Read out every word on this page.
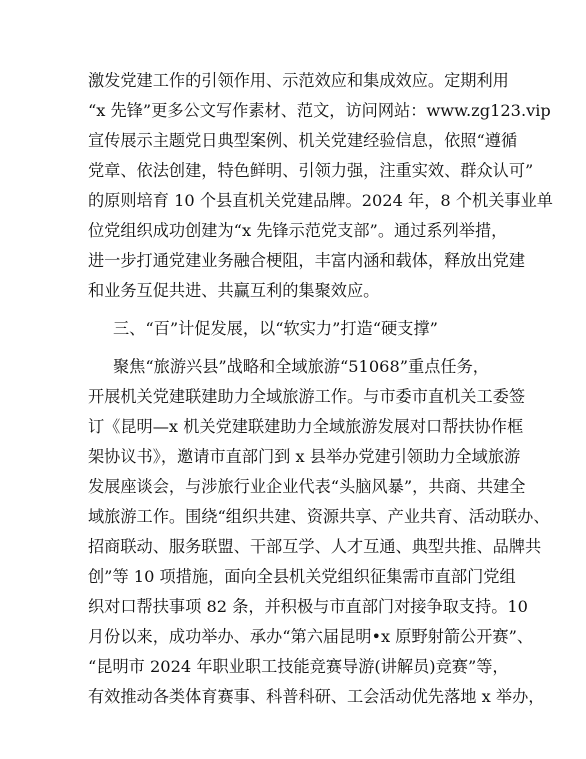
激发党建工作的引领作用、示范效应和集成效应。定期利用
“x 先锋”更多公文写作素材、范文，访问网站：www.zg123.vip
宣传展示主题党日典型案例、机关党建经验信息，依照“遵循
党章、依法创建，特色鲜明、引领力强，注重实效、群众认可”
的原则培育 10 个县直机关党建品牌。2024 年，8 个机关事业单
位党组织成功创建为“x 先锋示范党支部”。通过系列举措，
进一步打通党建业务融合梗阻，丰富内涵和载体，释放出党建
和业务互促共进、共赢互利的集聚效应。
三、“百”计促发展，以“软实力”打造“硬支撑”
聚焦“旅游兴县”战略和全域旅游“51068”重点任务，
开展机关党建联建助力全域旅游工作。与市委市直机关工委签
订《昆明—x 机关党建联建助力全域旅游发展对口帮扶协作框
架协议书》，邀请市直部门到 x 县举办党建引领助力全域旅游
发展座谈会，与涉旅行业企业代表“头脑风暴”，共商、共建全
域旅游工作。围绕“组织共建、资源共享、产业共育、活动联办、
招商联动、服务联盟、干部互学、人才互通、典型共推、品牌共
创”等 10 项措施，面向全县机关党组织征集需市直部门党组
织对口帮扶事项 82 条，并积极与市直部门对接争取支持。10
月份以来，成功举办、承办“第六届昆明•x 原野射箭公开赛”、
“昆明市 2024 年职业职工技能竞赛导游(讲解员)竞赛”等，
有效推动各类体育赛事、科普科研、工会活动优先落地 x 举办，
